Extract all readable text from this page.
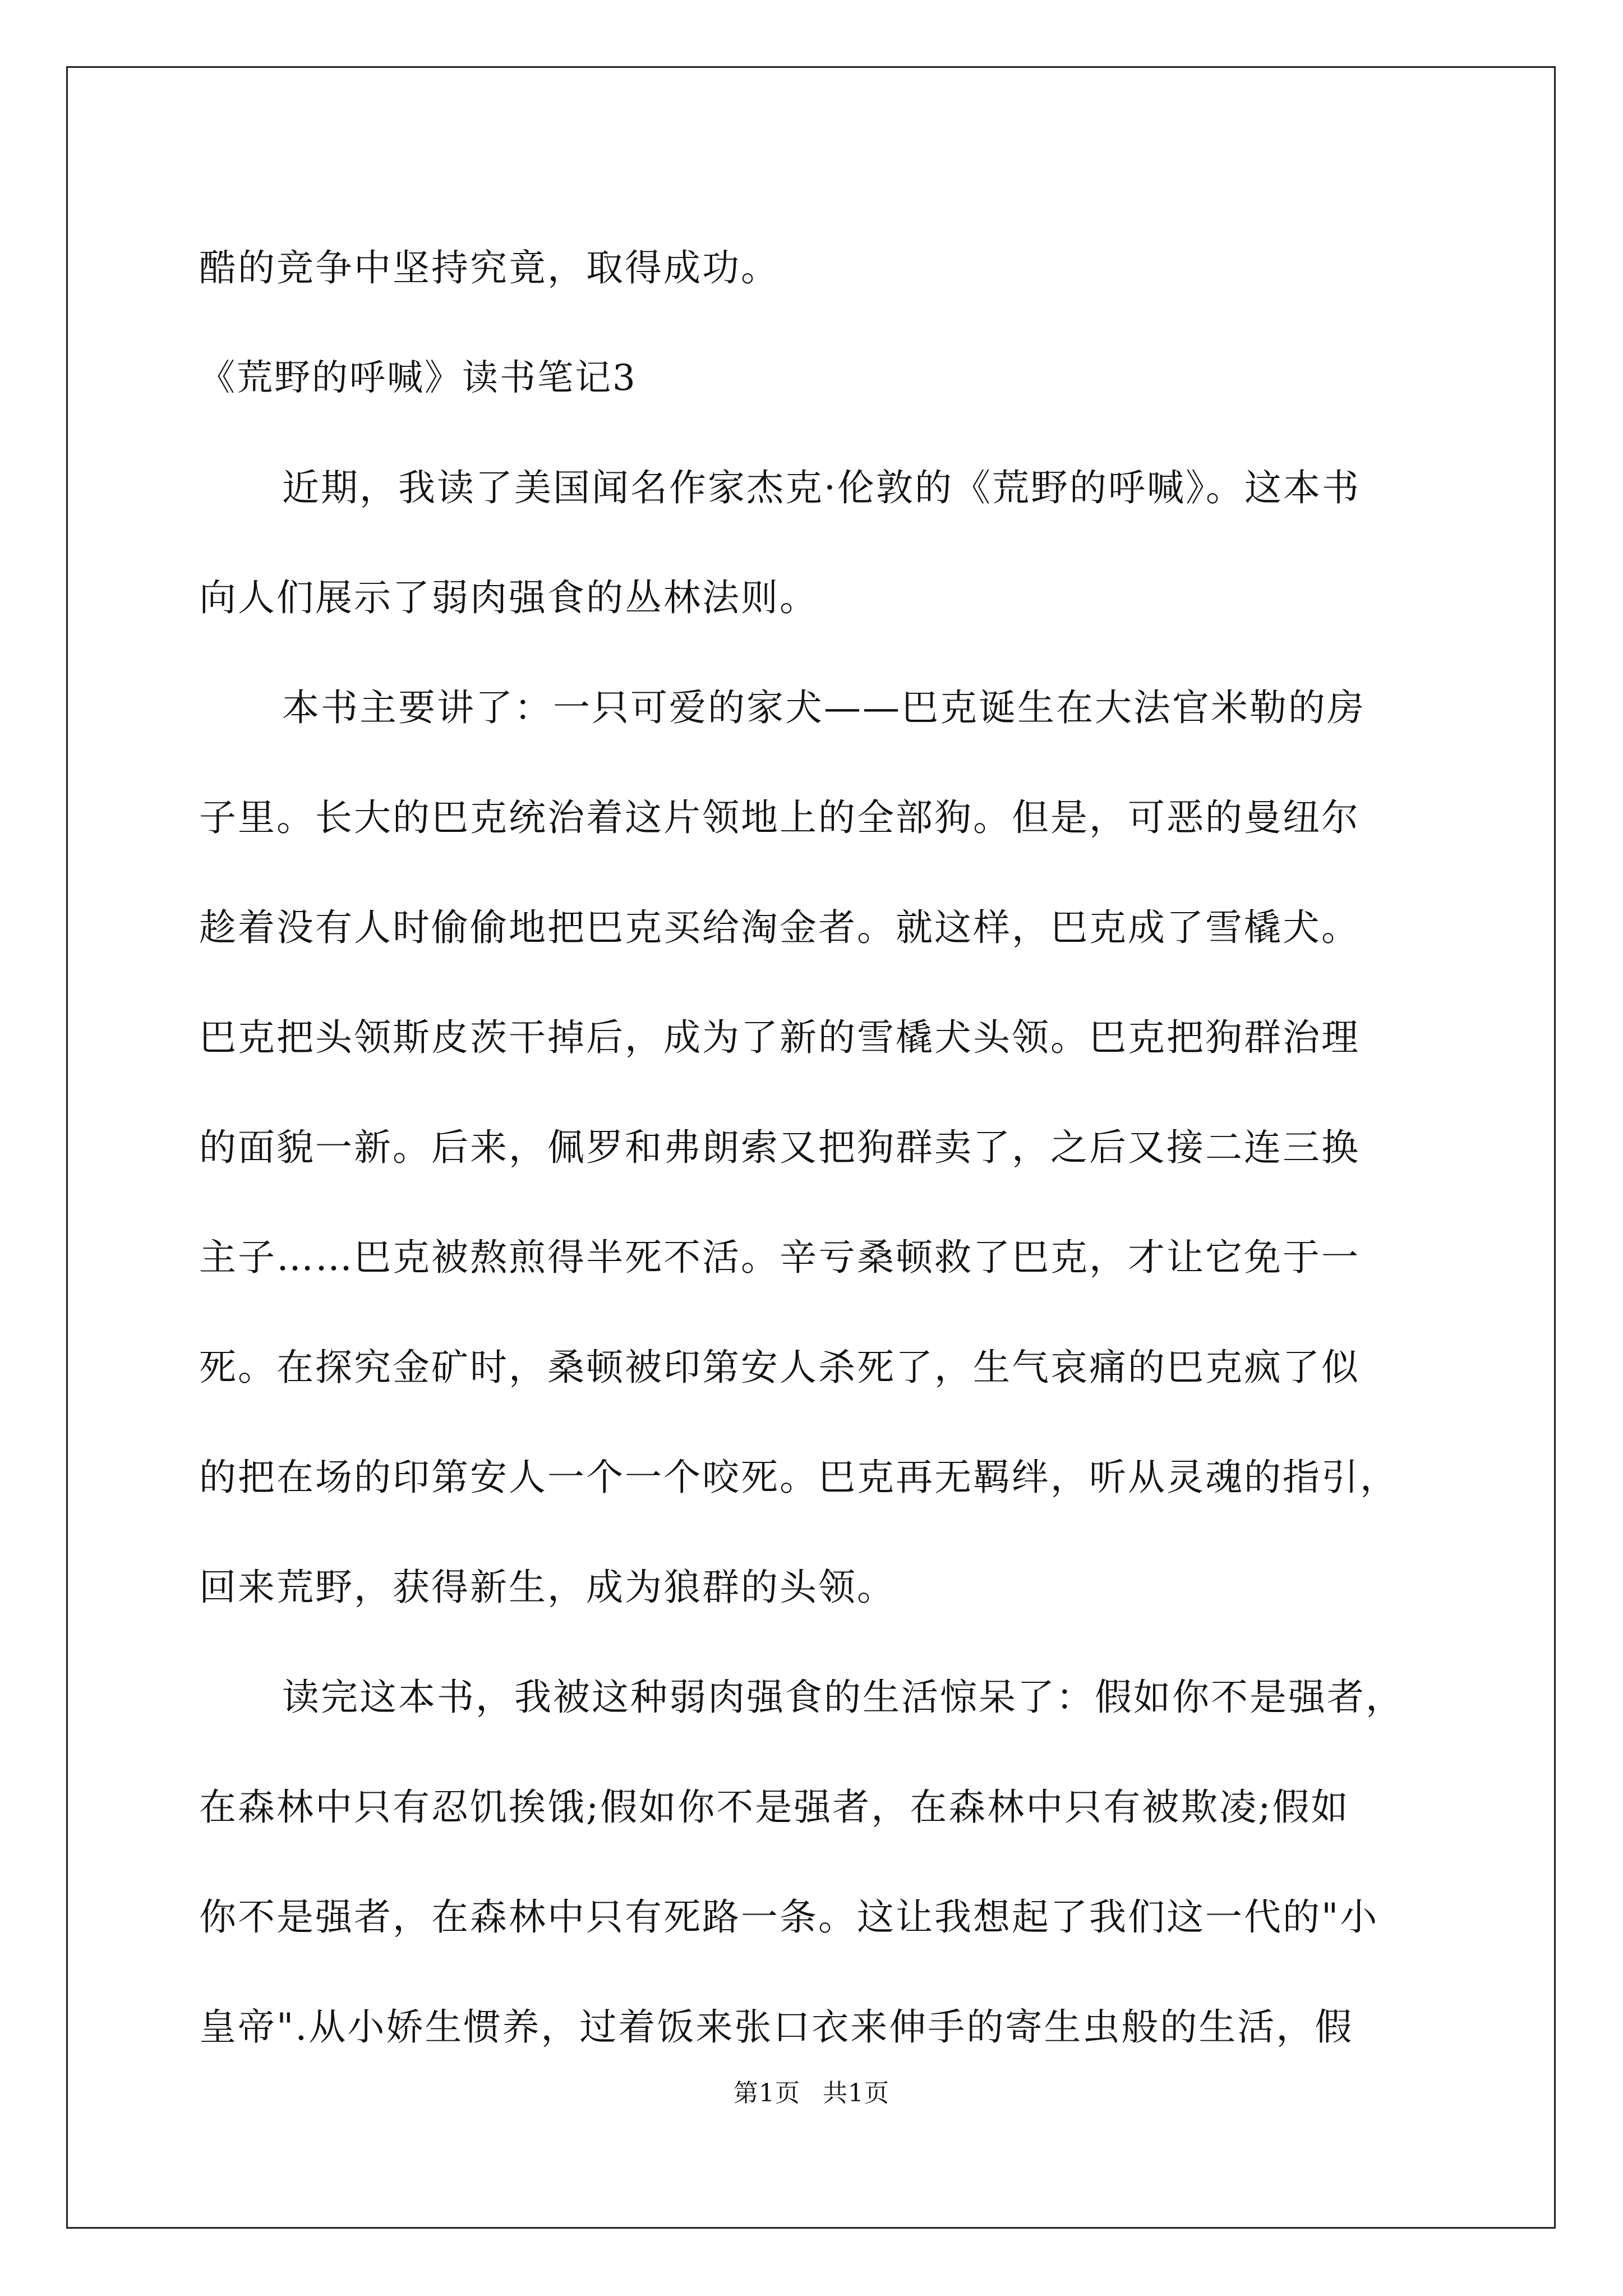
酷的竞争中坚持究竟，取得成功。
《荒野的呼喊》读书笔记3
近期，我读了美国闻名作家杰克·伦敦的《荒野的呼喊》。这本书
向人们展示了弱肉强食的丛林法则。
本书主要讲了：一只可爱的家犬——巴克诞生在大法官米勒的房
子里。长大的巴克统治着这片领地上的全部狗。但是，可恶的曼纽尔
趁着没有人时偷偷地把巴克买给淘金者。就这样，巴克成了雪橇犬。
巴克把头领斯皮茨干掉后，成为了新的雪橇犬头领。巴克把狗群治理
的面貌一新。后来，佩罗和弗朗索又把狗群卖了，之后又接二连三换
主子……巴克被熬煎得半死不活。辛亏桑顿救了巴克，才让它免于一
死。在探究金矿时，桑顿被印第安人杀死了，生气哀痛的巴克疯了似
的把在场的印第安人一个一个咬死。巴克再无羁绊，听从灵魂的指引，
回来荒野，获得新生，成为狼群的头领。
读完这本书，我被这种弱肉强食的生活惊呆了：假如你不是强者，
在森林中只有忍饥挨饿;假如你不是强者，在森林中只有被欺凌;假如
你不是强者，在森林中只有死路一条。这让我想起了我们这一代的"小
皇帝".从小娇生惯养，过着饭来张口衣来伸手的寄生虫般的生活，假
第1页 共1页
